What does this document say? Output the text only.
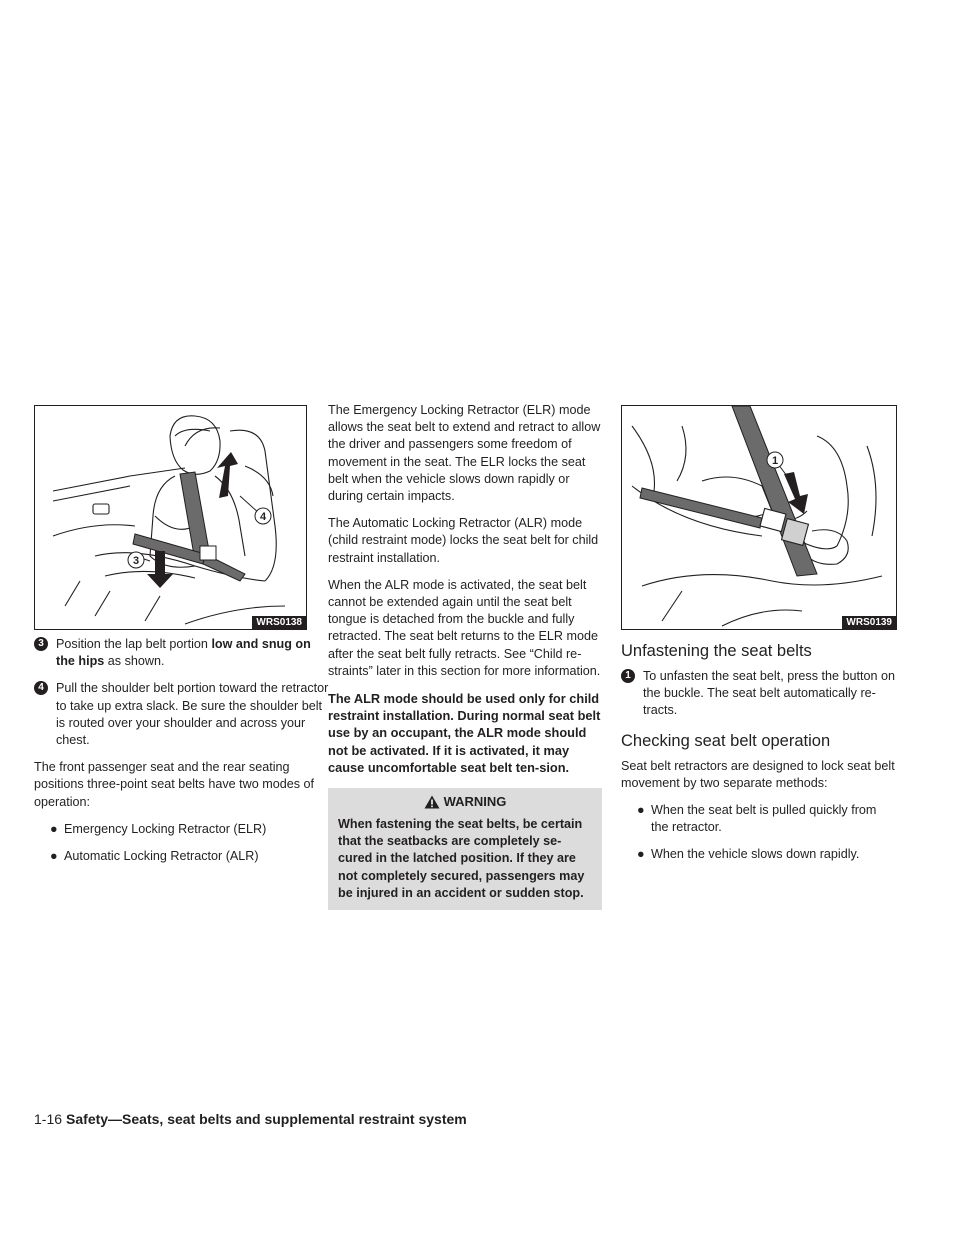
4
3
WRS0138
3 Position the lap belt portion low and snug on the hips as shown.
4 Pull the shoulder belt portion toward the retractor to take up extra slack. Be sure the shoulder belt is routed over your shoulder and across your chest.

The front passenger seat and the rear seating positions three-point seat belts have two modes of operation:

● Emergency Locking Retractor (ELR)
● Automatic Locking Retractor (ALR)

The Emergency Locking Retractor (ELR) mode allows the seat belt to extend and retract to allow the driver and passengers some freedom of movement in the seat. The ELR locks the seat belt when the vehicle slows down rapidly or during certain impacts.

The Automatic Locking Retractor (ALR) mode (child restraint mode) locks the seat belt for child restraint installation.

When the ALR mode is activated, the seat belt cannot be extended again until the seat belt tongue is detached from the buckle and fully retracted. The seat belt returns to the ELR mode after the seat belt fully retracts. See “Child re-straints” later in this section for more information.

The ALR mode should be used only for child restraint installation. During normal seat belt use by an occupant, the ALR mode should not be activated. If it is activated, it may cause uncomfortable seat belt ten-sion.

WARNING
When fastening the seat belts, be certain that the seatbacks are completely se-cured in the latched position. If they are not completely secured, passengers may be injured in an accident or sudden stop.
1
WRS0139
Unfastening the seat belts
1 To unfasten the seat belt, press the button on the buckle. The seat belt automatically re-tracts.
Checking seat belt operation

Seat belt retractors are designed to lock seat belt movement by two separate methods:

● When the seat belt is pulled quickly from the retractor.
● When the vehicle slows down rapidly.
1-16 Safety—Seats, seat belts and supplemental restraint system
